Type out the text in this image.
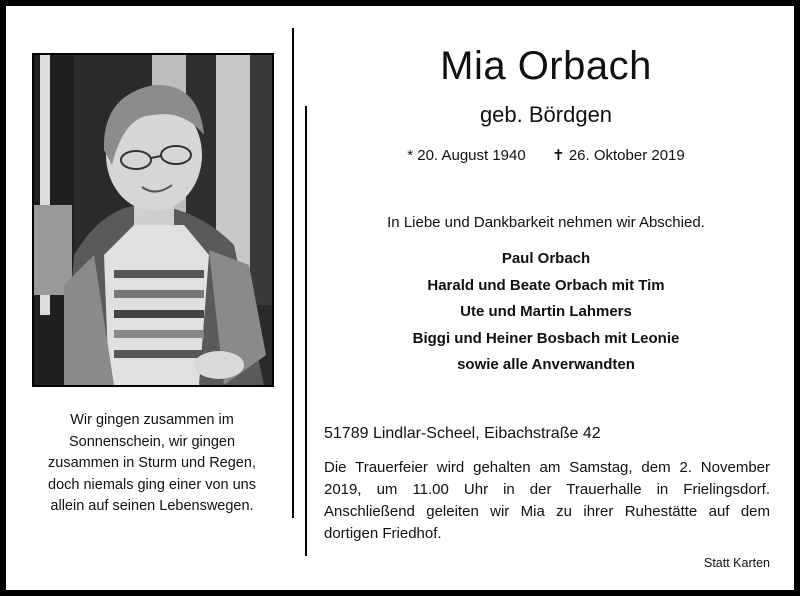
Wir gingen zusammen im
Sonnenschein, wir gingen
zusammen in Sturm und Regen,
doch niemals ging einer von uns
allein auf seinen Lebenswegen.
Mia Orbach
geb. Bördgen
* 20. August 1940 ✝ 26. Oktober 2019
In Liebe und Dankbarkeit nehmen wir Abschied.
Paul Orbach
Harald und Beate Orbach mit Tim
Ute und Martin Lahmers
Biggi und Heiner Bosbach mit Leonie
sowie alle Anverwandten
51789 Lindlar-Scheel, Eibachstraße 42
Die Trauerfeier wird gehalten am Samstag, dem 2. November
2019, um 11.00 Uhr in der Trauerhalle in Frielingsdorf.
Anschließend geleiten wir Mia zu ihrer Ruhestätte auf dem
dortigen Friedhof.
Statt Karten
